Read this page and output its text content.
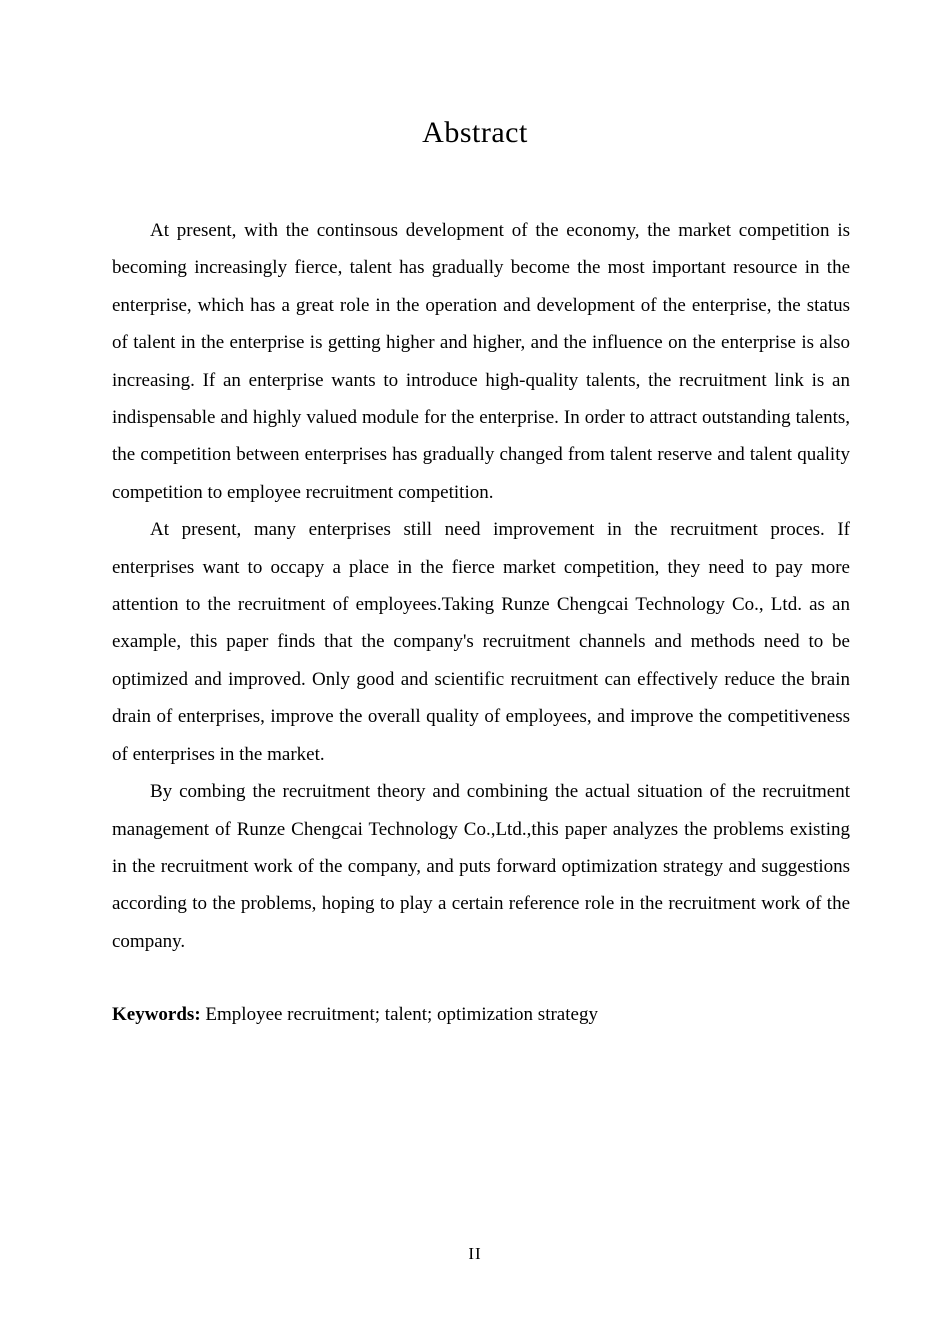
Abstract

At present, with the continsous development of the economy, the market competition is becoming increasingly fierce, talent has gradually become the most important resource in the enterprise, which has a great role in the operation and development of the enterprise, the status of talent in the enterprise is getting higher and higher, and the influence on the enterprise is also increasing. If an enterprise wants to introduce high-quality talents, the recruitment link is an indispensable and highly valued module for the enterprise. In order to attract outstanding talents, the competition between enterprises has gradually changed from talent reserve and talent quality competition to employee recruitment competition.

At present, many enterprises still need improvement in the recruitment proces. If enterprises want to occapy a place in the fierce market competition, they need to pay more attention to the recruitment of employees.Taking Runze Chengcai Technology Co., Ltd. as an example, this paper finds that the company's recruitment channels and methods need to be optimized and improved. Only good and scientific recruitment can effectively reduce the brain drain of enterprises, improve the overall quality of employees, and improve the competitiveness of enterprises in the market.

By combing the recruitment theory and combining the actual situation of the recruitment management of Runze Chengcai Technology Co.,Ltd.,this paper analyzes the problems existing in the recruitment work of the company, and puts forward optimization strategy and suggestions according to the problems, hoping to play a certain reference role in the recruitment work of the company.

Keywords: Employee recruitment; talent; optimization strategy

II
